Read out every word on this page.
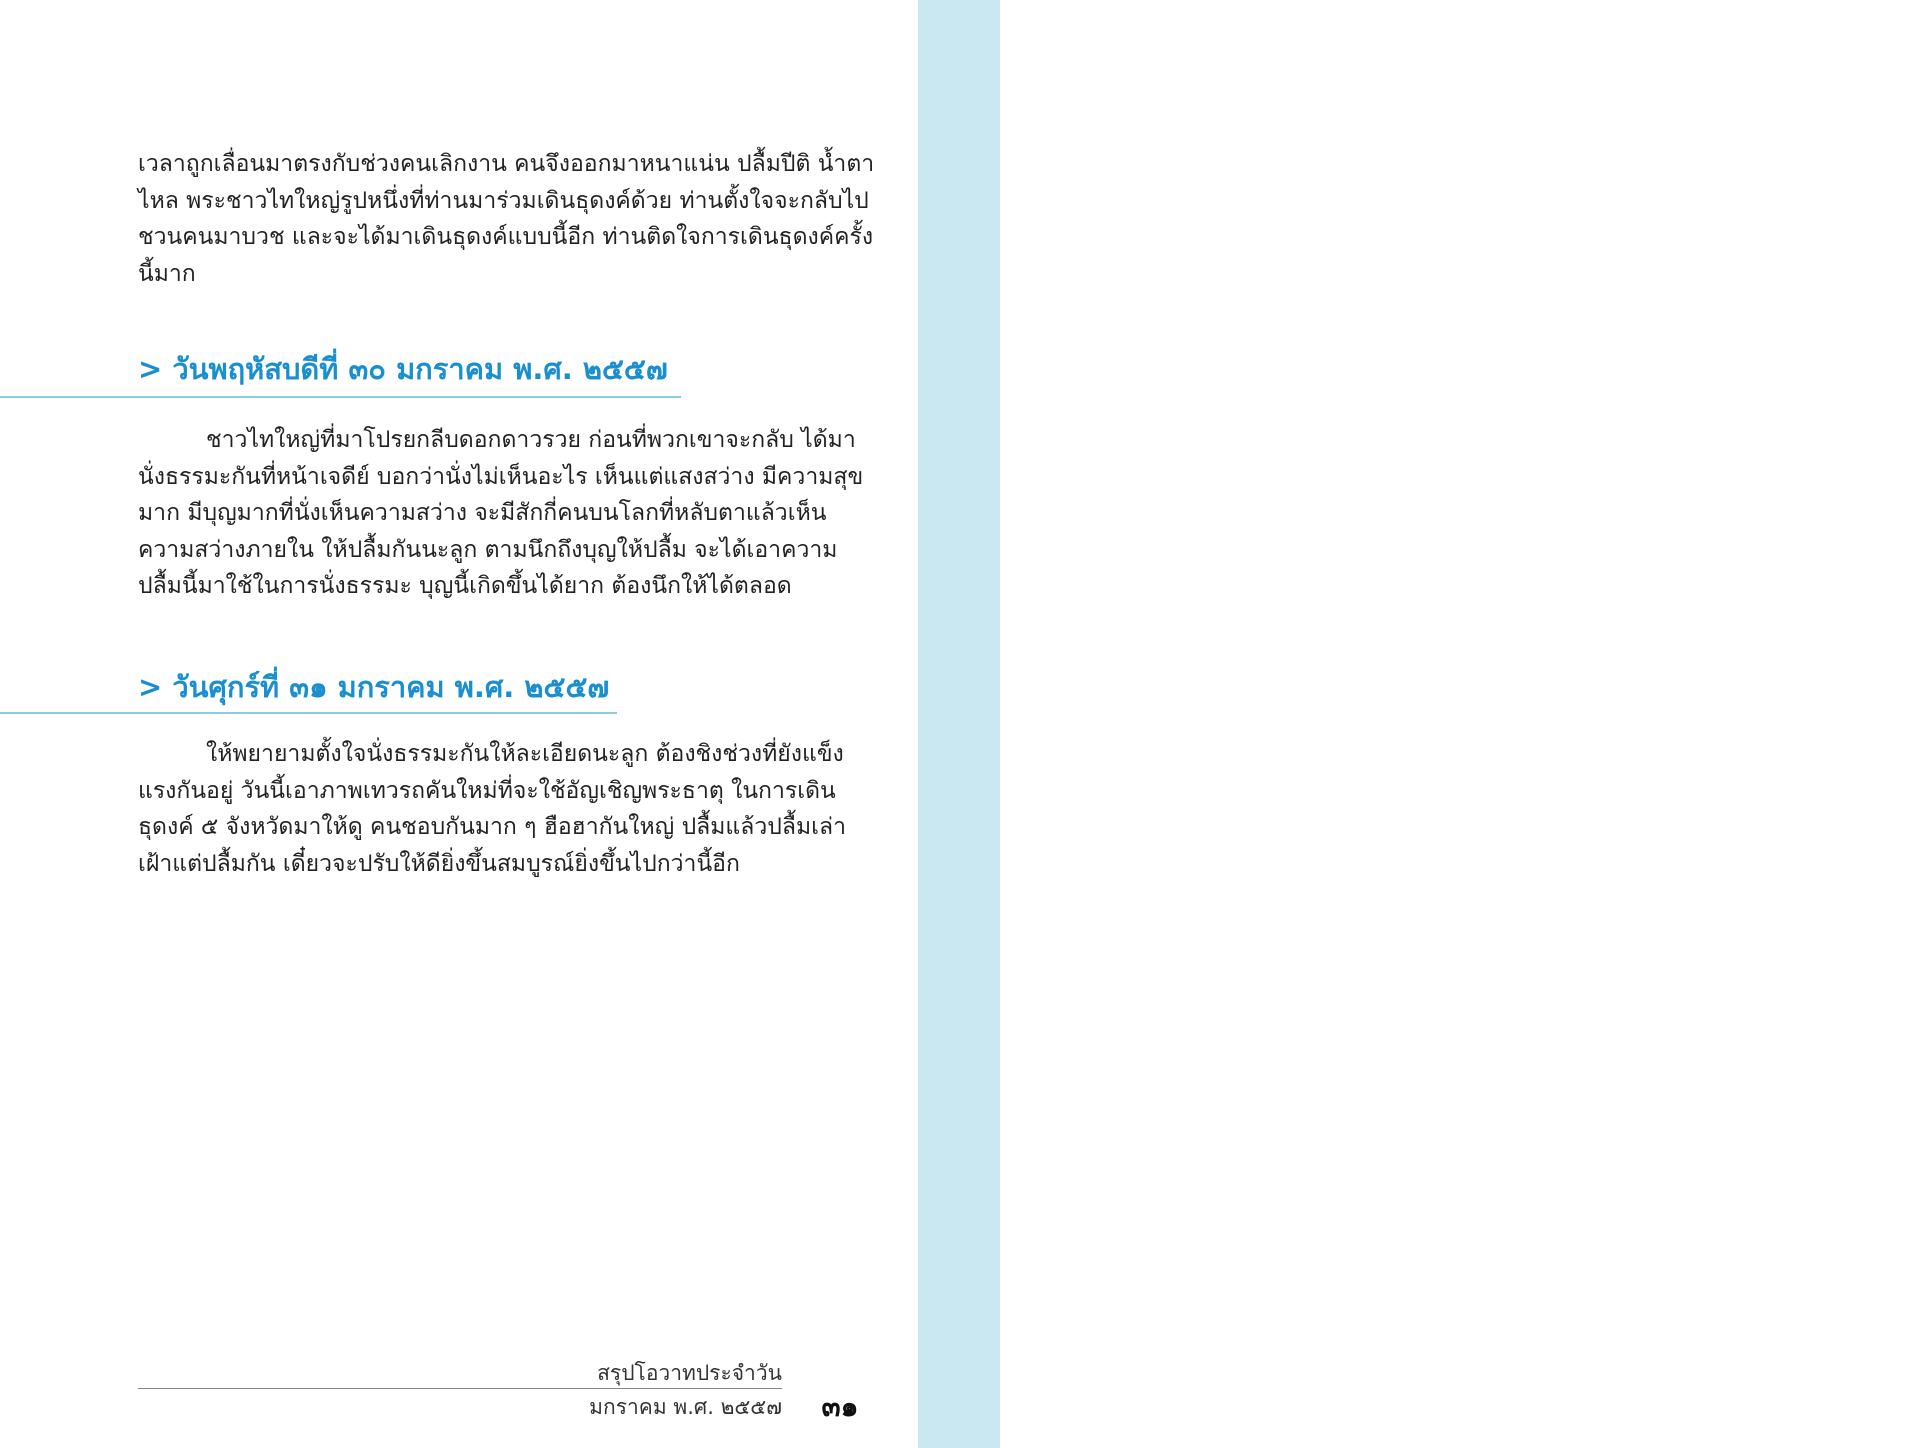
JANUARY 2557

เวลาถูกเลื่อนมาตรงกับช่วงคนเลิกงาน คนจึงออกมาหนาแน่น ปลื้มปีติ น้ำตาไหล พระชาวไทใหญ่รูปหนึ่งที่ท่านมาร่วมเดินธุดงค์ด้วย ท่านตั้งใจจะกลับไปชวนคนมาบวช และจะได้มาเดินธุดงค์แบบนี้อีก ท่านติดใจการเดินธุดงค์ครั้งนี้มาก

> วันพฤหัสบดีที่ ๓๐ มกราคม พ.ศ. ๒๕๕๗

ชาวไทใหญ่ที่มาโปรยกลีบดอกดาวรวย ก่อนที่พวกเขาจะกลับ ได้มานั่งธรรมะกันที่หน้าเจดีย์ บอกว่านั่งไม่เห็นอะไร เห็นแต่แสงสว่าง มีความสุขมาก มีบุญมากที่นั่งเห็นความสว่าง จะมีสักกี่คนบนโลกที่หลับตาแล้วเห็นความสว่างภายใน ให้ปลื้มกันนะลูก ตามนึกถึงบุญให้ปลื้ม จะได้เอาความปลื้มนี้มาใช้ในการนั่งธรรมะ บุญนี้เกิดขึ้นได้ยาก ต้องนึกให้ได้ตลอด

> วันศุกร์ที่ ๓๑ มกราคม พ.ศ. ๒๕๕๗

ให้พยายามตั้งใจนั่งธรรมะกันให้ละเอียดนะลูก ต้องชิงช่วงที่ยังแข็งแรงกันอยู่ วันนี้เอาภาพเทวรถคันใหม่ที่จะใช้อัญเชิญพระธาตุ ในการเดินธุดงค์ ๕ จังหวัดมาให้ดู คนชอบกันมาก ๆ ฮือฮากันใหญ่ ปลื้มแล้วปลื้มเล่าเฝ้าแต่ปลื้มกัน เดี๋ยวจะปรับให้ดียิ่งขึ้นสมบูรณ์ยิ่งขึ้นไปกว่านี้อีก

สรุปโอวาทประจำวัน
มกราคม พ.ศ. ๒๕๕๗	๓๑
